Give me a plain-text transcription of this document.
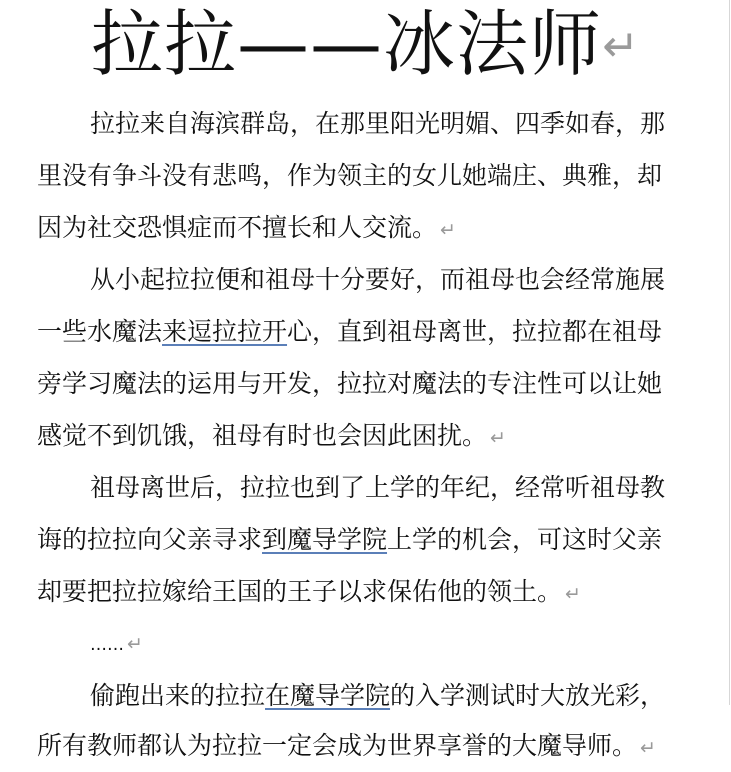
拉拉——冰法师↵
拉拉来自海滨群岛，在那里阳光明媚、四季如春，那
里没有争斗没有悲鸣，作为领主的女儿她端庄、典雅，却
因为社交恐惧症而不擅长和人交流。 ↵
从小起拉拉便和祖母十分要好，而祖母也会经常施展
一些水魔法来逗拉拉开心，直到祖母离世，拉拉都在祖母
旁学习魔法的运用与开发，拉拉对魔法的专注性可以让她
感觉不到饥饿，祖母有时也会因此困扰。 ↵
祖母离世后，拉拉也到了上学的年纪，经常听祖母教
诲的拉拉向父亲寻求到魔导学院上学的机会，可这时父亲
却要把拉拉嫁给王国的王子以求保佑他的领土。 ↵
…… ↵
偷跑出来的拉拉在魔导学院的入学测试时大放光彩，
所有教师都认为拉拉一定会成为世界享誉的大魔导师。 ↵
